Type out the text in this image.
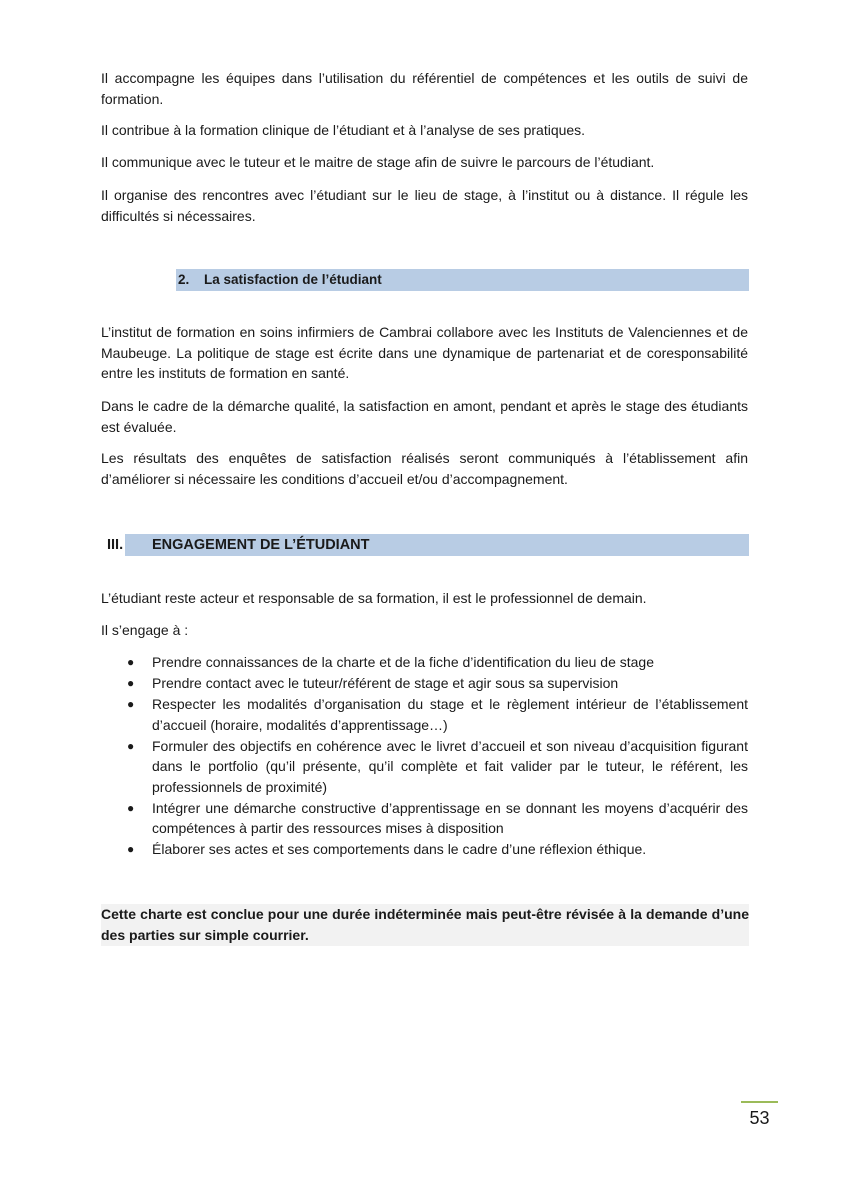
Il accompagne les équipes dans l’utilisation du référentiel de compétences et les outils de suivi de formation.

Il contribue à la formation clinique de l’étudiant et à l’analyse de ses pratiques.

Il communique avec le tuteur et le maitre de stage afin de suivre le parcours de l’étudiant.

Il organise des rencontres avec l’étudiant sur le lieu de stage, à l’institut ou à distance. Il régule les difficultés si nécessaires.

2. La satisfaction de l’étudiant

L’institut de formation en soins infirmiers de Cambrai collabore avec les Instituts de Valenciennes et de Maubeuge. La politique de stage est écrite dans une dynamique de partenariat et de coresponsabilité entre les instituts de formation en santé.

Dans le cadre de la démarche qualité, la satisfaction en amont, pendant et après le stage des étudiants est évaluée.

Les résultats des enquêtes de satisfaction réalisés seront communiqués à l’établissement afin d’améliorer si nécessaire les conditions d’accueil et/ou d’accompagnement.

III.	ENGAGEMENT DE L’ÉTUDIANT

L’étudiant reste acteur et responsable de sa formation, il est le professionnel de demain.

Il s’engage à :

● Prendre connaissances de la charte et de la fiche d’identification du lieu de stage
● Prendre contact avec le tuteur/référent de stage et agir sous sa supervision
● Respecter les modalités d’organisation du stage et le règlement intérieur de l’établissement d’accueil (horaire, modalités d’apprentissage…)
● Formuler des objectifs en cohérence avec le livret d’accueil et son niveau d’acquisition figurant dans le portfolio (qu’il présente, qu’il complète et fait valider par le tuteur, le référent, les professionnels de proximité)
● Intégrer une démarche constructive d’apprentissage en se donnant les moyens d’acquérir des compétences à partir des ressources mises à disposition
● Élaborer ses actes et ses comportements dans le cadre d’une réflexion éthique.
Cette charte est conclue pour une durée indéterminée mais peut-être révisée à la demande d’une des parties sur simple courrier.
53
